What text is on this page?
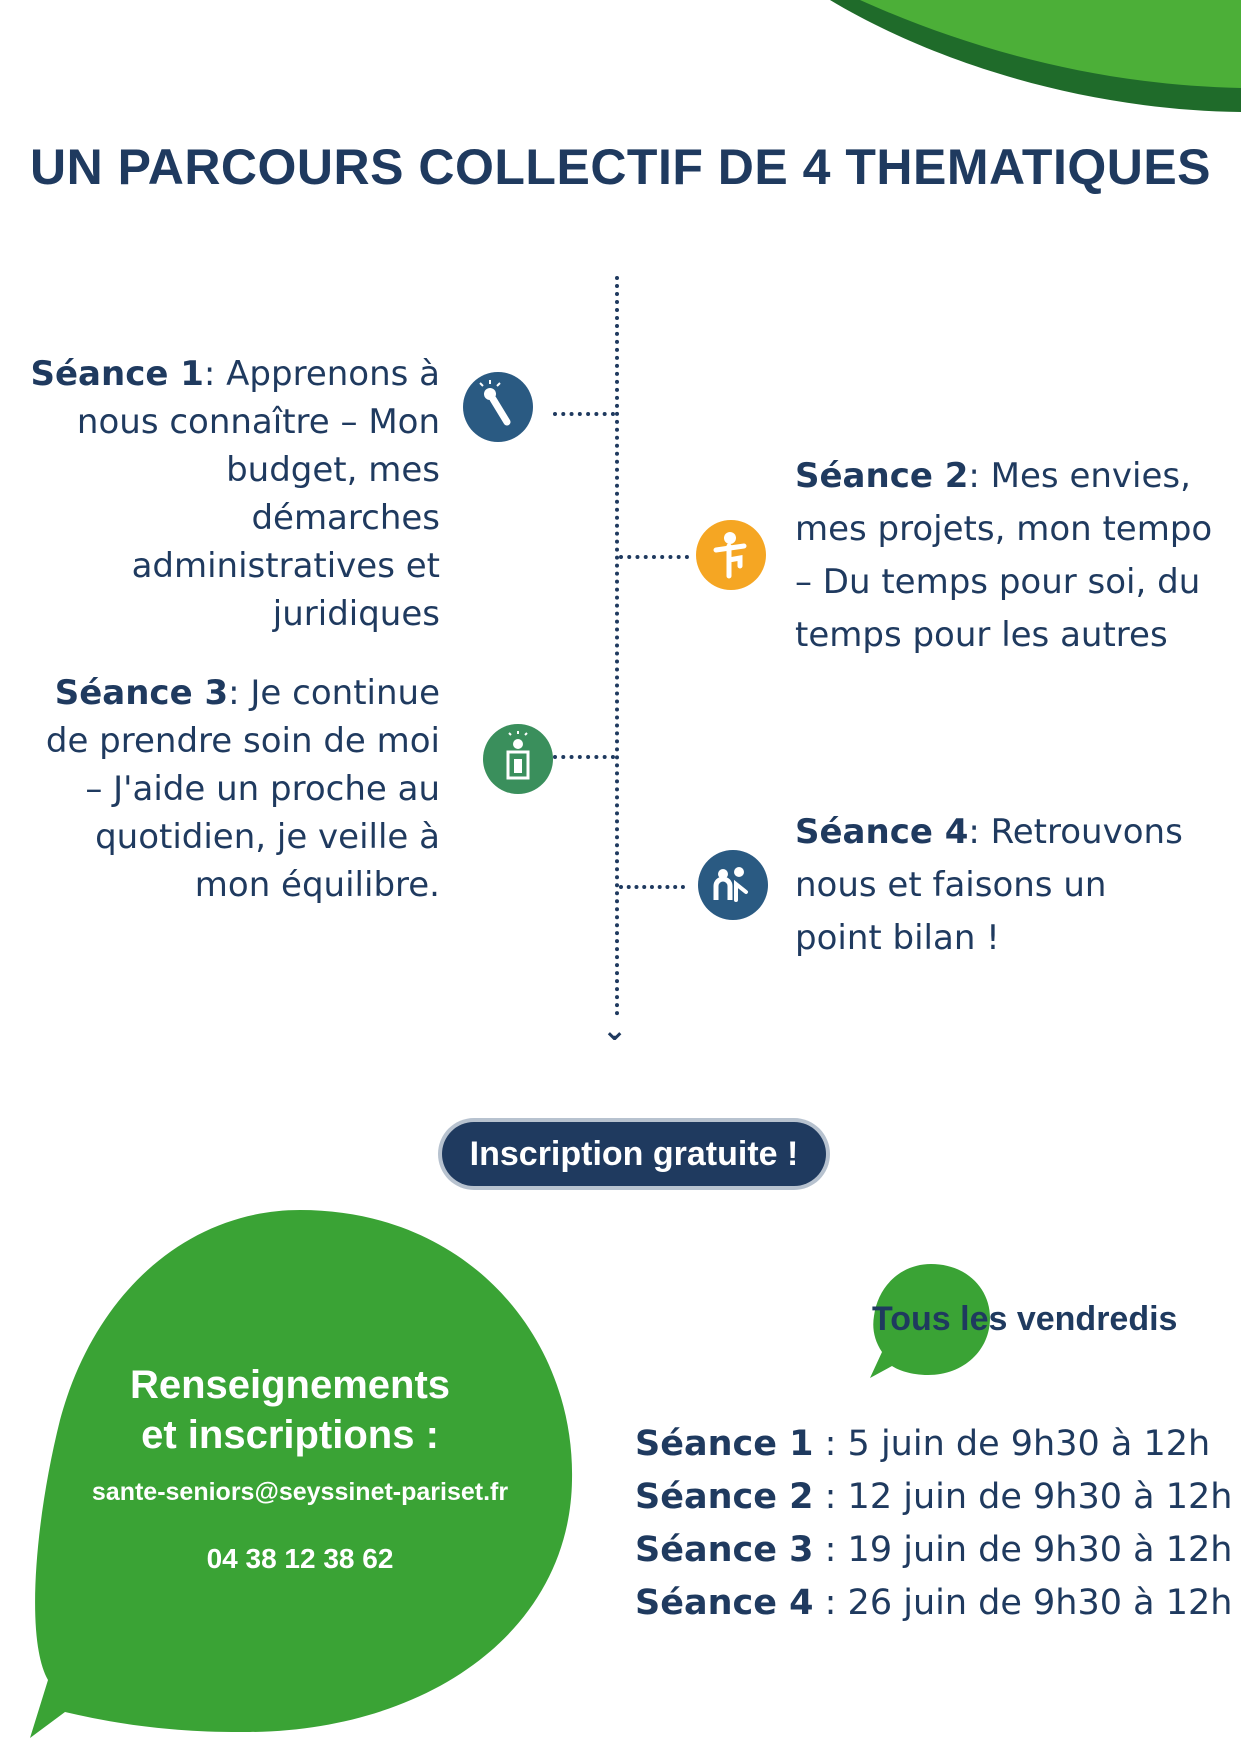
UN PARCOURS COLLECTIF DE 4 THEMATIQUES
⌄
Séance 1: Apprenons à nous connaître – Mon budget, mes démarches administratives et juridiques
Séance 2: Mes envies, mes projets, mon tempo – Du temps pour soi, du temps pour les autres
Séance 3: Je continue de prendre soin de moi – J'aide un proche au quotidien, je veille à mon équilibre.
Séance 4: Retrouvons nous et faisons un point bilan !
Inscription gratuite !
Renseignements
et inscriptions :
sante-seniors@seyssinet-pariset.fr
04 38 12 38 62
Tous les vendredis
Séance 1 : 5 juin de 9h30 à 12h
Séance 2 : 12 juin de 9h30 à 12h
Séance 3 : 19 juin de 9h30 à 12h
Séance 4 : 26 juin de 9h30 à 12h
